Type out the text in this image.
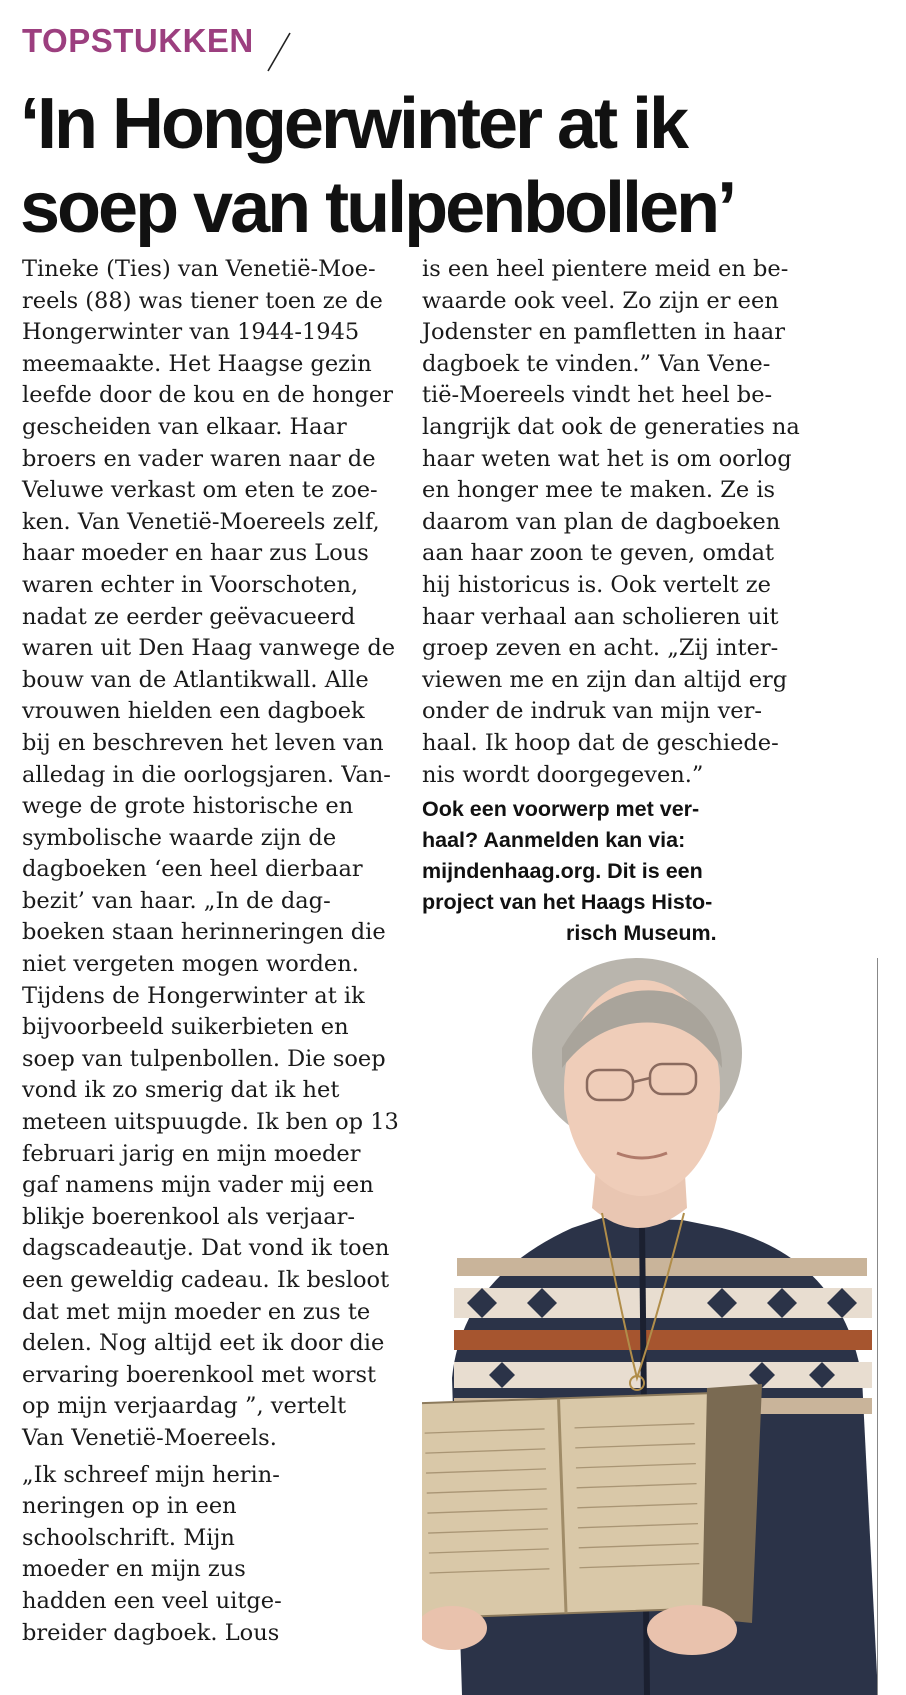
TOPSTUKKEN
‘In Hongerwinter at ik
soep van tulpenbollen’

Tineke (Ties) van Venetië-Moe-

reels (88) was tiener toen ze de

Hongerwinter van 1944-1945

meemaakte. Het Haagse gezin

leefde door de kou en de honger

gescheiden van elkaar. Haar

broers en vader waren naar de

Veluwe verkast om eten te zoe-

ken. Van Venetië-Moereels zelf,

haar moeder en haar zus Lous

waren echter in Voorschoten,

nadat ze eerder geëvacueerd

waren uit Den Haag vanwege de

bouw van de Atlantikwall. Alle

vrouwen hielden een dagboek

bij en beschreven het leven van

alledag in die oorlogsjaren. Van-

wege de grote historische en

symbolische waarde zijn de

dagboeken ‘een heel dierbaar

bezit’ van haar. „In de dag-

boeken staan herinneringen die

niet vergeten mogen worden.

Tijdens de Hongerwinter at ik

bijvoorbeeld suikerbieten en

soep van tulpenbollen. Die soep

vond ik zo smerig dat ik het

meteen uitspuugde. Ik ben op 13

februari jarig en mijn moeder

gaf namens mijn vader mij een

blikje boerenkool als verjaar-

dagscadeautje. Dat vond ik toen

een geweldig cadeau. Ik besloot

dat met mijn moeder en zus te

delen. Nog altijd eet ik door die

ervaring boerenkool met worst

op mijn verjaardag ”, vertelt

Van Venetië-Moereels.

„Ik schreef mijn herin-

neringen op in een

schoolschrift. Mijn

moeder en mijn zus

hadden een veel uitge-

breider dagboek. Lous

is een heel pientere meid en be-

waarde ook veel. Zo zijn er een

Jodenster en pamfletten in haar

dagboek te vinden.” Van Vene-

tië-Moereels vindt het heel be-

langrijk dat ook de generaties na

haar weten wat het is om oorlog

en honger mee te maken. Ze is

daarom van plan de dagboeken

aan haar zoon te geven, omdat

hij historicus is. Ook vertelt ze

haar verhaal aan scholieren uit

groep zeven en acht. „Zij inter-

viewen me en zijn dan altijd erg

onder de indruk van mijn ver-

haal. Ik hoop dat de geschiede-

nis wordt doorgegeven.”

Ook een voorwerp met ver-

haal? Aanmelden kan via:

mijndenhaag.org. Dit is een

project van het Haags Histo-

risch Museum.
